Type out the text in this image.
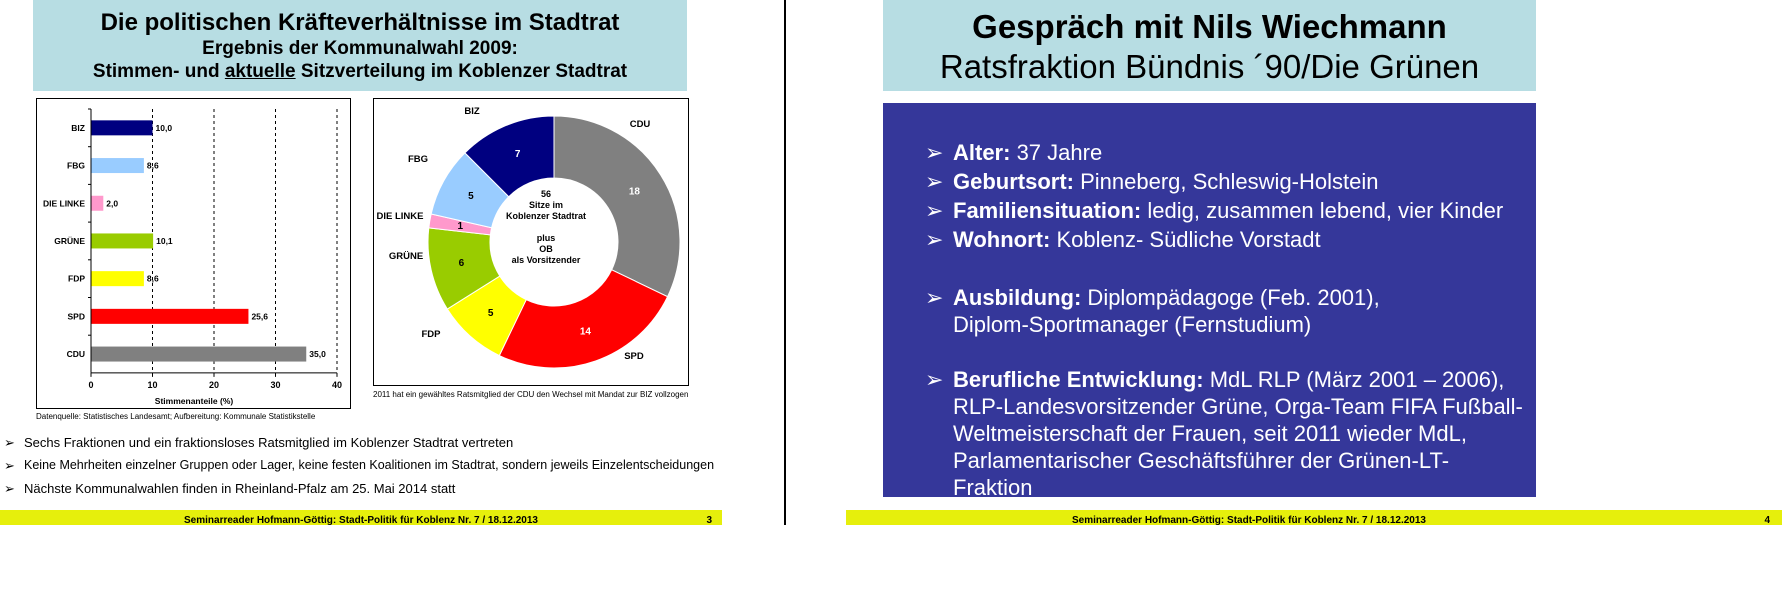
Die politischen Kräfteverhältnisse im Stadtrat
Ergebnis der Kommunalwahl 2009:
Stimmen- und aktuelle Sitzverteilung im Koblenzer Stadtrat
BIZ	10,0
FBG	8,6
DIE LINKE	2,0
GRÜNE	10,1
FDP	8,6
SPD	25,6
CDU	35,0
0	10	20	30	40
Stimmenanteile (%)
Datenquelle: Statistisches Landesamt; Aufbereitung: Kommunale Statistikstelle
18
CDU
14
SPD
5
FDP
6
GRÜNE
1
DIE LINKE
5
FBG	7
BIZ
56
Sitze im
Koblenzer Stadtrat
plus
OB
als Vorsitzender
2011 hat ein gewähltes Ratsmitglied der CDU den Wechsel mit Mandat zur BIZ vollzogen
➢ Sechs Fraktionen und ein fraktionsloses Ratsmitglied im Koblenzer Stadtrat vertreten
➢ Keine Mehrheiten einzelner Gruppen oder Lager, keine festen Koalitionen im Stadtrat, sondern jeweils Einzelentscheidungen
➢ Nächste Kommunalwahlen finden in Rheinland-Pfalz am 25. Mai 2014 statt
Seminarreader Hofmann-Göttig: Stadt-Politik für Koblenz Nr. 7 / 18.12.2013	3
Gespräch mit Nils Wiechmann
Ratsfraktion Bündnis ´90/Die Grünen
➢ Alter: 37 Jahre
➢ Geburtsort: Pinneberg, Schleswig-Holstein
➢ Familiensituation: ledig, zusammen lebend, vier Kinder
➢ Wohnort: Koblenz- Südliche Vorstadt
➢ Ausbildung: Diplompädagoge (Feb. 2001), Diplom-Sportmanager (Fernstudium)
➢ Berufliche Entwicklung: MdL RLP (März 2001 – 2006), RLP-Landesvorsitzender Grüne, Orga-Team FIFA Fußball-Weltmeisterschaft der Frauen, seit 2011 wieder MdL, Parlamentarischer Geschäftsführer der Grünen-LT-Fraktion
Seminarreader Hofmann-Göttig: Stadt-Politik für Koblenz Nr. 7 / 18.12.2013	4
